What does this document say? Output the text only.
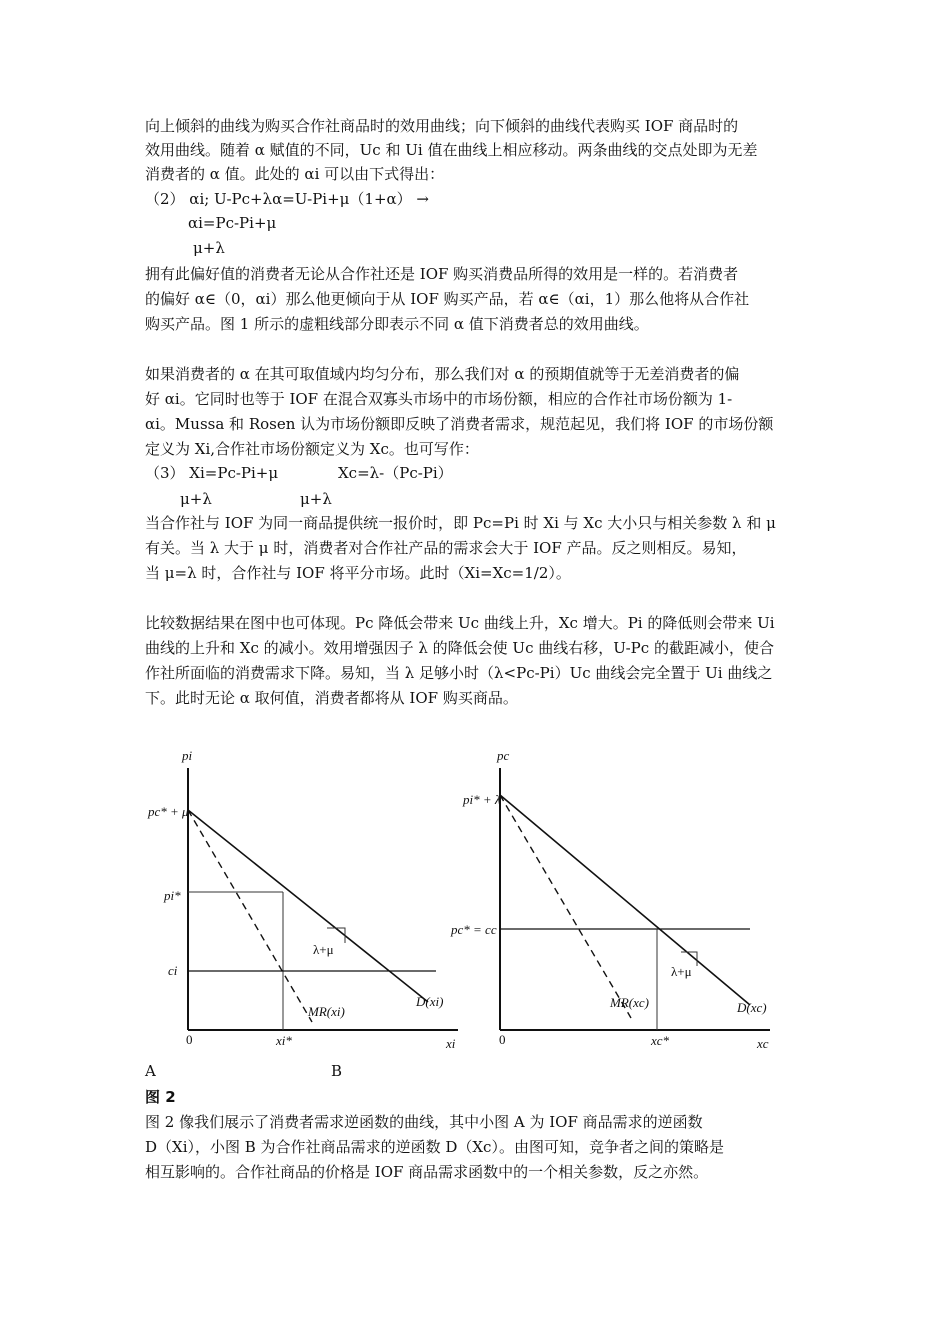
向上倾斜的曲线为购买合作社商品时的效用曲线；向下倾斜的曲线代表购买 IOF 商品时的
效用曲线。随着 α 赋值的不同，Uc 和 Ui 值在曲线上相应移动。两条曲线的交点处即为无差
消费者的 α 值。此处的 αi 可以由下式得出：
（2） αi; U-Pc+λα=U-Pi+μ（1+α） →
αi=Pc-Pi+μ
μ+λ
拥有此偏好值的消费者无论从合作社还是 IOF 购买消费品所得的效用是一样的。若消费者
的偏好 α∈（0，αi）那么他更倾向于从 IOF 购买产品，若 α∈（αi，1）那么他将从合作社
购买产品。图 1 所示的虚粗线部分即表示不同 α 值下消费者总的效用曲线。
如果消费者的 α 在其可取值域内均匀分布，那么我们对 α 的预期值就等于无差消费者的偏
好 αi。它同时也等于 IOF 在混合双寡头市场中的市场份额，相应的合作社市场份额为 1-
αi。Mussa 和 Rosen 认为市场份额即反映了消费者需求，规范起见，我们将 IOF 的市场份额
定义为 Xi,合作社市场份额定义为 Xc。也可写作：
（3） Xi=Pc-Pi+μ	Xc=λ-（Pc-Pi）
μ+λ	μ+λ
当合作社与 IOF 为同一商品提供统一报价时，即 Pc=Pi 时 Xi 与 Xc 大小只与相关参数 λ 和 μ
有关。当 λ 大于 μ 时，消费者对合作社产品的需求会大于 IOF 产品。反之则相反。易知，
当 μ=λ 时，合作社与 IOF 将平分市场。此时（Xi=Xc=1/2）。
比较数据结果在图中也可体现。Pc 降低会带来 Uc 曲线上升，Xc 增大。Pi 的降低则会带来 Ui
曲线的上升和 Xc 的减小。效用增强因子 λ 的降低会使 Uc 曲线右移，U-Pc 的截距减小，使合
作社所面临的消费需求下降。易知，当 λ 足够小时（λ<Pc-Pi）Uc 曲线会完全置于 Ui 曲线之
下。此时无论 α 取何值，消费者都将从 IOF 购买商品。
pi
xi
0
pc* + μ
pi*
ci
λ+μ
MR(xi)
D(xi)
xi*
pc
xc
0
pi* + λ
pc* = cc
λ+μ
MR(xc)	D(xc)
xc*
A	B
图 2
图 2 像我们展示了消费者需求逆函数的曲线，其中小图 A 为 IOF 商品需求的逆函数
D（Xi），小图 B 为合作社商品需求的逆函数 D（Xc）。由图可知，竞争者之间的策略是
相互影响的。合作社商品的价格是 IOF 商品需求函数中的一个相关参数，反之亦然。
